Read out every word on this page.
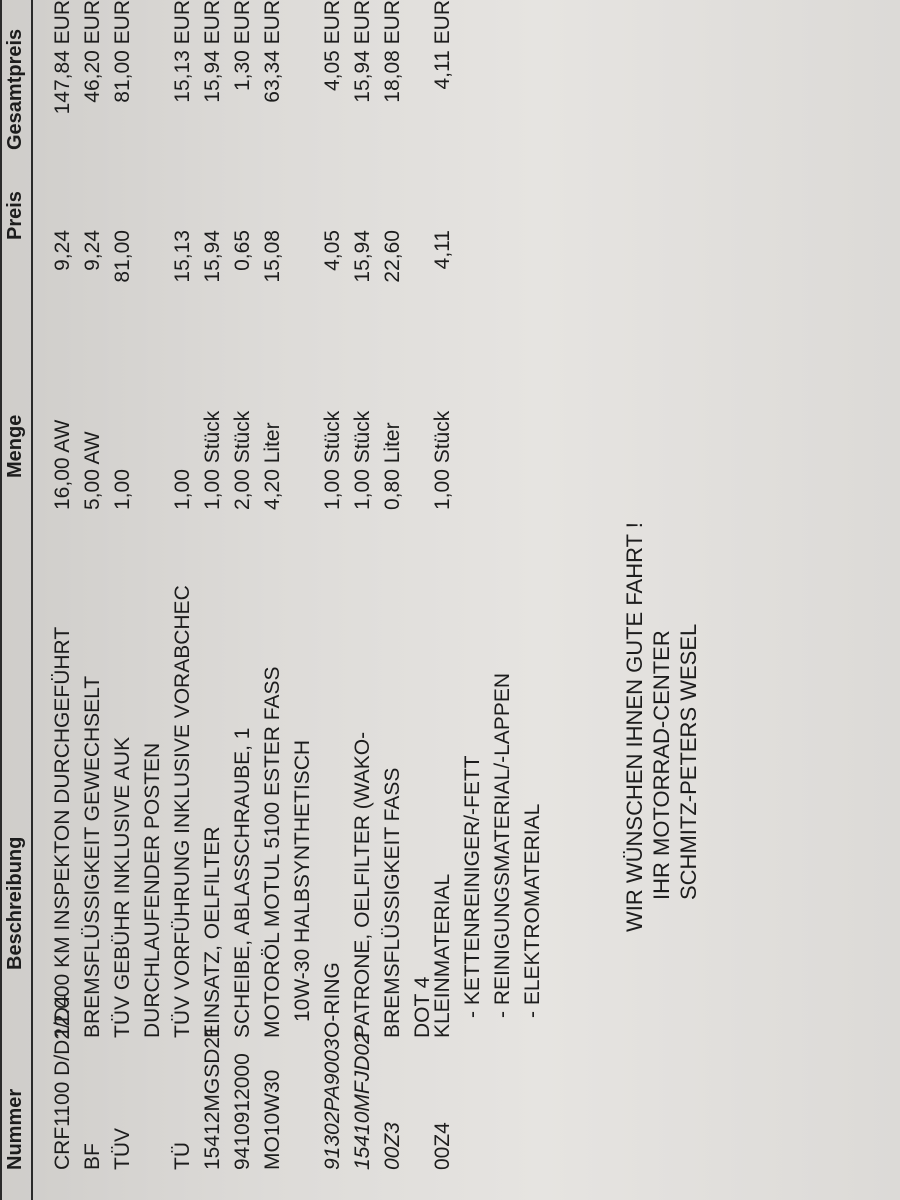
Nummer
Beschreibung
Menge
Preis
Gesamtpreis
CRF1100 D/D2/D4
12.000 KM INSPEKTON DURCHGEFÜHRT
16,00 AW
9,24
147,84 EUR
BF
BREMSFLÜSSIGKEIT GEWECHSELT
5,00 AW
9,24
46,20 EUR
TÜV
TÜV GEBÜHR INKLUSIVE AUK
1,00
81,00
81,00 EUR
DURCHLAUFENDER POSTEN
TÜ
TÜV VORFÜHRUNG INKLUSIVE VORABCHEC
1,00
15,13
15,13 EUR
15412MGSD21
EINSATZ, OELFILTER
1,00 Stück
15,94
15,94 EUR
9410912000
SCHEIBE, ABLASSCHRAUBE, 1
2,00 Stück
0,65
1,30 EUR
MO10W30
MOTORÖL MOTUL 5100 ESTER FASS
4,20 Liter
15,08
63,34 EUR
10W-30 HALBSYNTHETISCH
91302PA9003
O-RING
1,00 Stück
4,05
4,05 EUR
15410MFJD02
PATRONE, OELFILTER (WAKO-
1,00 Stück
15,94
15,94 EUR
00Z3
BREMSFLÜSSIGKEIT FASS
0,80 Liter
22,60
18,08 EUR
DOT 4
00Z4
KLEINMATERIAL
1,00 Stück
4,11
4,11 EUR
- KETTENREINIGER/-FETT - REINIGUNGSMATERIAL/-LAPPEN - ELEKTROMATERIAL	WIR WÜNSCHEN IHNEN GUTE FAHRT ! IHR MOTORRAD-CENTER SCHMITZ-PETERS WESEL
